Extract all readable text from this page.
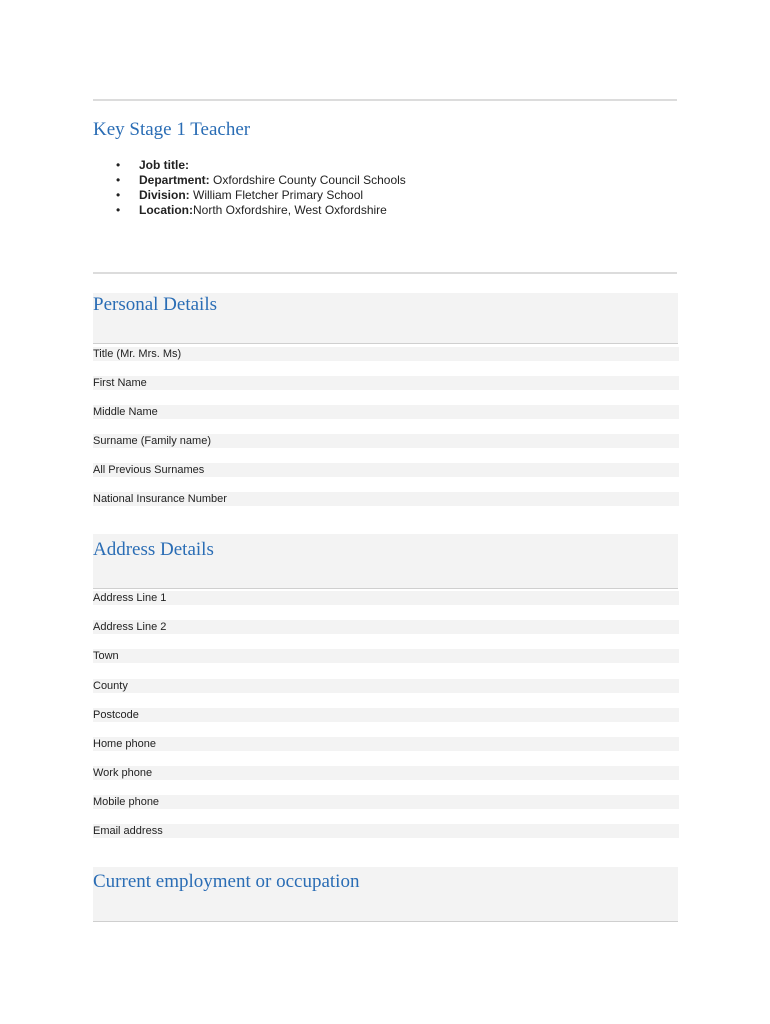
Key Stage 1 Teacher
• Job title:
• Department: Oxfordshire County Council Schools
• Division: William Fletcher Primary School
• Location:North Oxfordshire, West Oxfordshire
Personal Details
Title (Mr. Mrs. Ms)
First Name
Middle Name
Surname (Family name)
All Previous Surnames
National Insurance Number
Address Details
Address Line 1
Address Line 2
Town
County
Postcode
Home phone
Work phone
Mobile phone
Email address
Current employment or occupation
